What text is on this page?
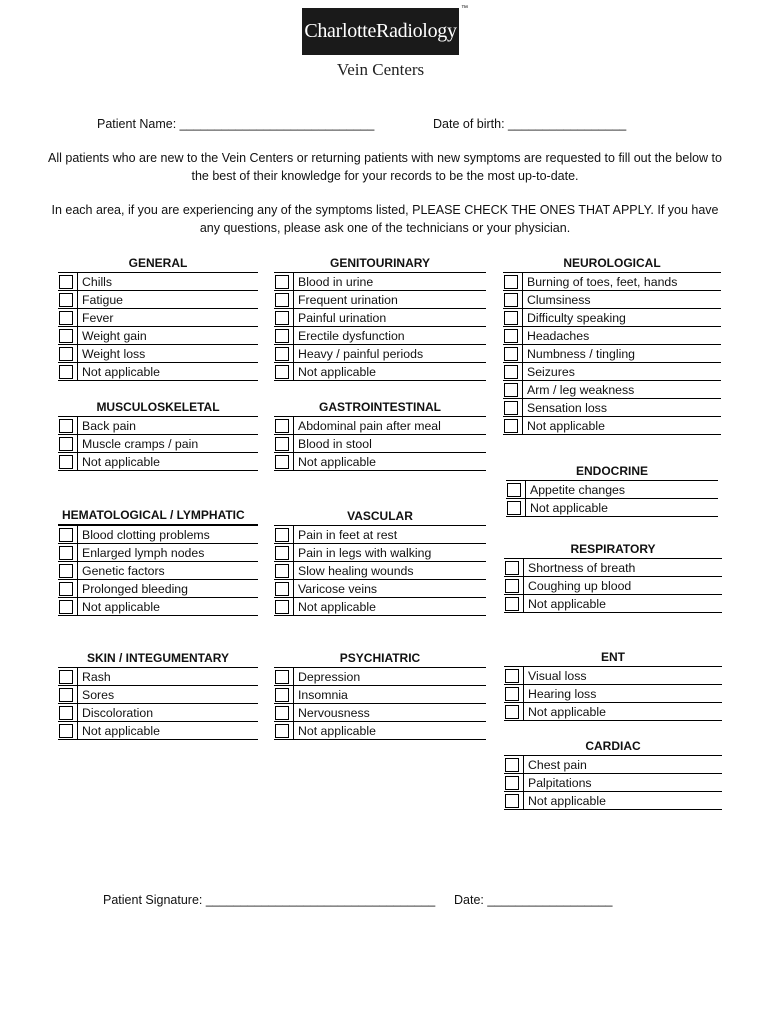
CharlotteRadiology
™
Vein Centers
Patient Name: ____________________________	Date of birth: _________________
All patients who are new to the Vein Centers or returning patients with new symptoms are requested to fill out the below to the best of their knowledge for your records to be the most up-to-date.
In each area, if you are experiencing any of the symptoms listed, PLEASE CHECK THE ONES THAT APPLY. If you have any questions, please ask one of the technicians or your physician.
GENERAL
Chills
Fatigue
Fever
Weight gain
Weight loss
Not applicable
GENITOURINARY
Blood in urine
Frequent urination
Painful urination
Erectile dysfunction
Heavy / painful periods
Not applicable
NEUROLOGICAL
Burning of toes, feet, hands
Clumsiness
Difficulty speaking
Headaches
Numbness / tingling
Seizures
Arm / leg weakness
Sensation loss
Not applicable
MUSCULOSKELETAL
Back pain
Muscle cramps / pain
Not applicable
GASTROINTESTINAL
Abdominal pain after meal
Blood in stool
Not applicable
ENDOCRINE
Appetite changes
Not applicable
HEMATOLOGICAL / LYMPHATIC
Blood clotting problems
Enlarged lymph nodes
Genetic factors
Prolonged bleeding
Not applicable
VASCULAR
Pain in feet at rest
Pain in legs with walking
Slow healing wounds
Varicose veins
Not applicable
RESPIRATORY
Shortness of breath
Coughing up blood
Not applicable
SKIN / INTEGUMENTARY
Rash
Sores
Discoloration
Not applicable
PSYCHIATRIC
Depression
Insomnia
Nervousness
Not applicable
ENT
Visual loss
Hearing loss
Not applicable
CARDIAC
Chest pain
Palpitations
Not applicable
Patient Signature: _________________________________ Date: __________________
